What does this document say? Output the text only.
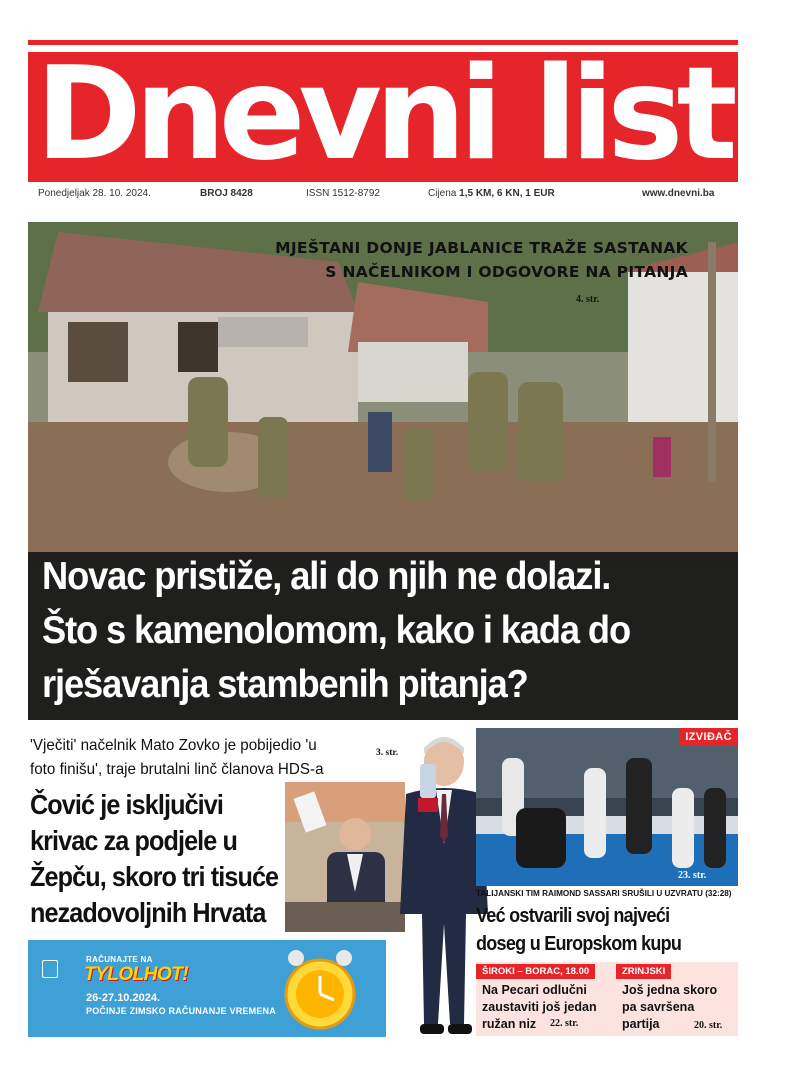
Dnevni list
Ponedjeljak 28. 10. 2024.	BROJ 8428	ISSN 1512-8792	Cijena 1,5 KM, 6 KN, 1 EUR	www.dnevni.ba
MJEŠTANI DONJE JABLANICE TRAŽE SASTANAK
S NAČELNIKOM I ODGOVORE NA PITANJA
4. str.
Novac pristiže, ali do njih ne dolazi.
Što s kamenolomom, kako i kada do
rješavanja stambenih pitanja?
'Vječiti' načelnik Mato Zovko je pobijedio 'u
foto finišu', traje brutalni linč članova HDS-a
3. str.
Čović je isključivi
krivac za podjele u
Žepču, skoro tri tisuće
nezadovoljnih Hrvata
RAČUNAJTE NA
TYLOLHOT!
26-27.10.2024.
POČINJE ZIMSKO RAČUNANJE VREMENA
IZVIĐAČ
23. str.
TALIJANSKI TIM RAIMOND SASSARI SRUŠILI U UZVRATU (32:28)
Već ostvarili svoj najveći
doseg u Europskom kupu
ŠIROKI – BORAC, 18.00
Na Pecari odlučni
zaustaviti još jedan
ružan niz	22. str.
ZRINJSKI
Još jedna skoro
pa savršena
partija	20. str.
